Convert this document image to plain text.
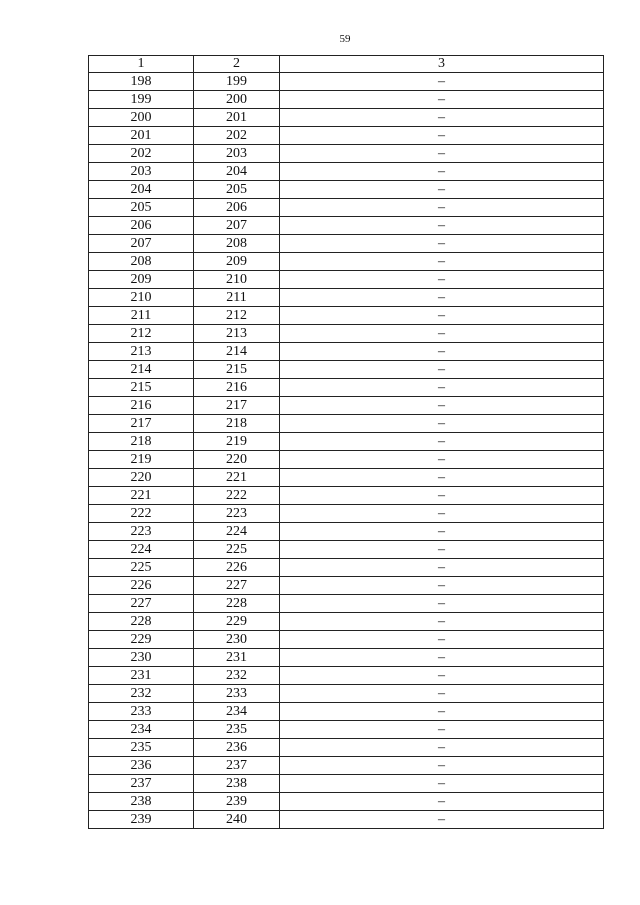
59
1	2	3
198	199	–
199	200	–
200	201	–
201	202	–
202	203	–
203	204	–
204	205	–
205	206	–
206	207	–
207	208	–
208	209	–
209	210	–
210	211	–
211	212	–
212	213	–
213	214	–
214	215	–
215	216	–
216	217	–
217	218	–
218	219	–
219	220	–
220	221	–
221	222	–
222	223	–
223	224	–
224	225	–
225	226	–
226	227	–
227	228	–
228	229	–
229	230	–
230	231	–
231	232	–
232	233	–
233	234	–
234	235	–
235	236	–
236	237	–
237	238	–
238	239	–
239	240	–
